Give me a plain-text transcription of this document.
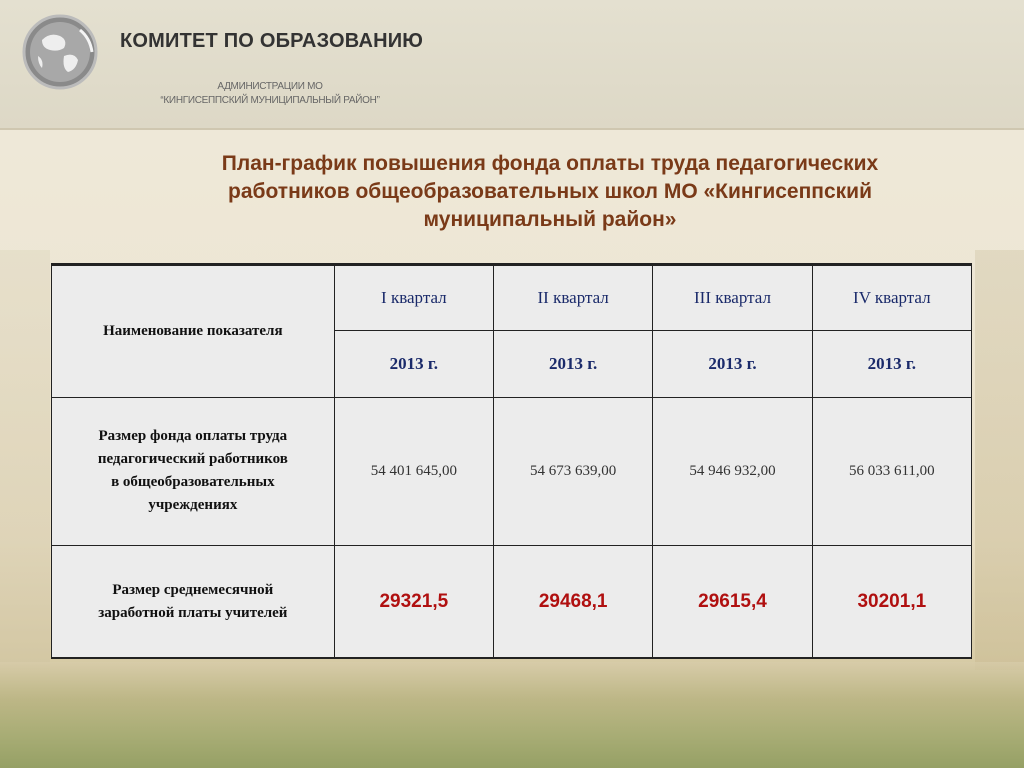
КОМИТЕТ ПО ОБРАЗОВАНИЮ
АДМИНИСТРАЦИИ МО
“КИНГИСЕППСКИЙ МУНИЦИПАЛЬНЫЙ РАЙОН”
План-график повышения фонда оплаты труда педагогических
работников общеобразовательных школ МО «Кингисеппский
муниципальный район»
Наименование показателя	I квартал	II квартал	III квартал	IV квартал
	2013 г.	2013 г.	2013 г.	2013 г.

Размер фонда оплаты труда
педагогический работников
в общеобразовательных
учреждениях	54 401 645,00	54 673 639,00	54 946 932,00	56 033 611,00

Размер среднемесячной
заработной платы учителей	29321,5	29468,1	29615,4	30201,1
